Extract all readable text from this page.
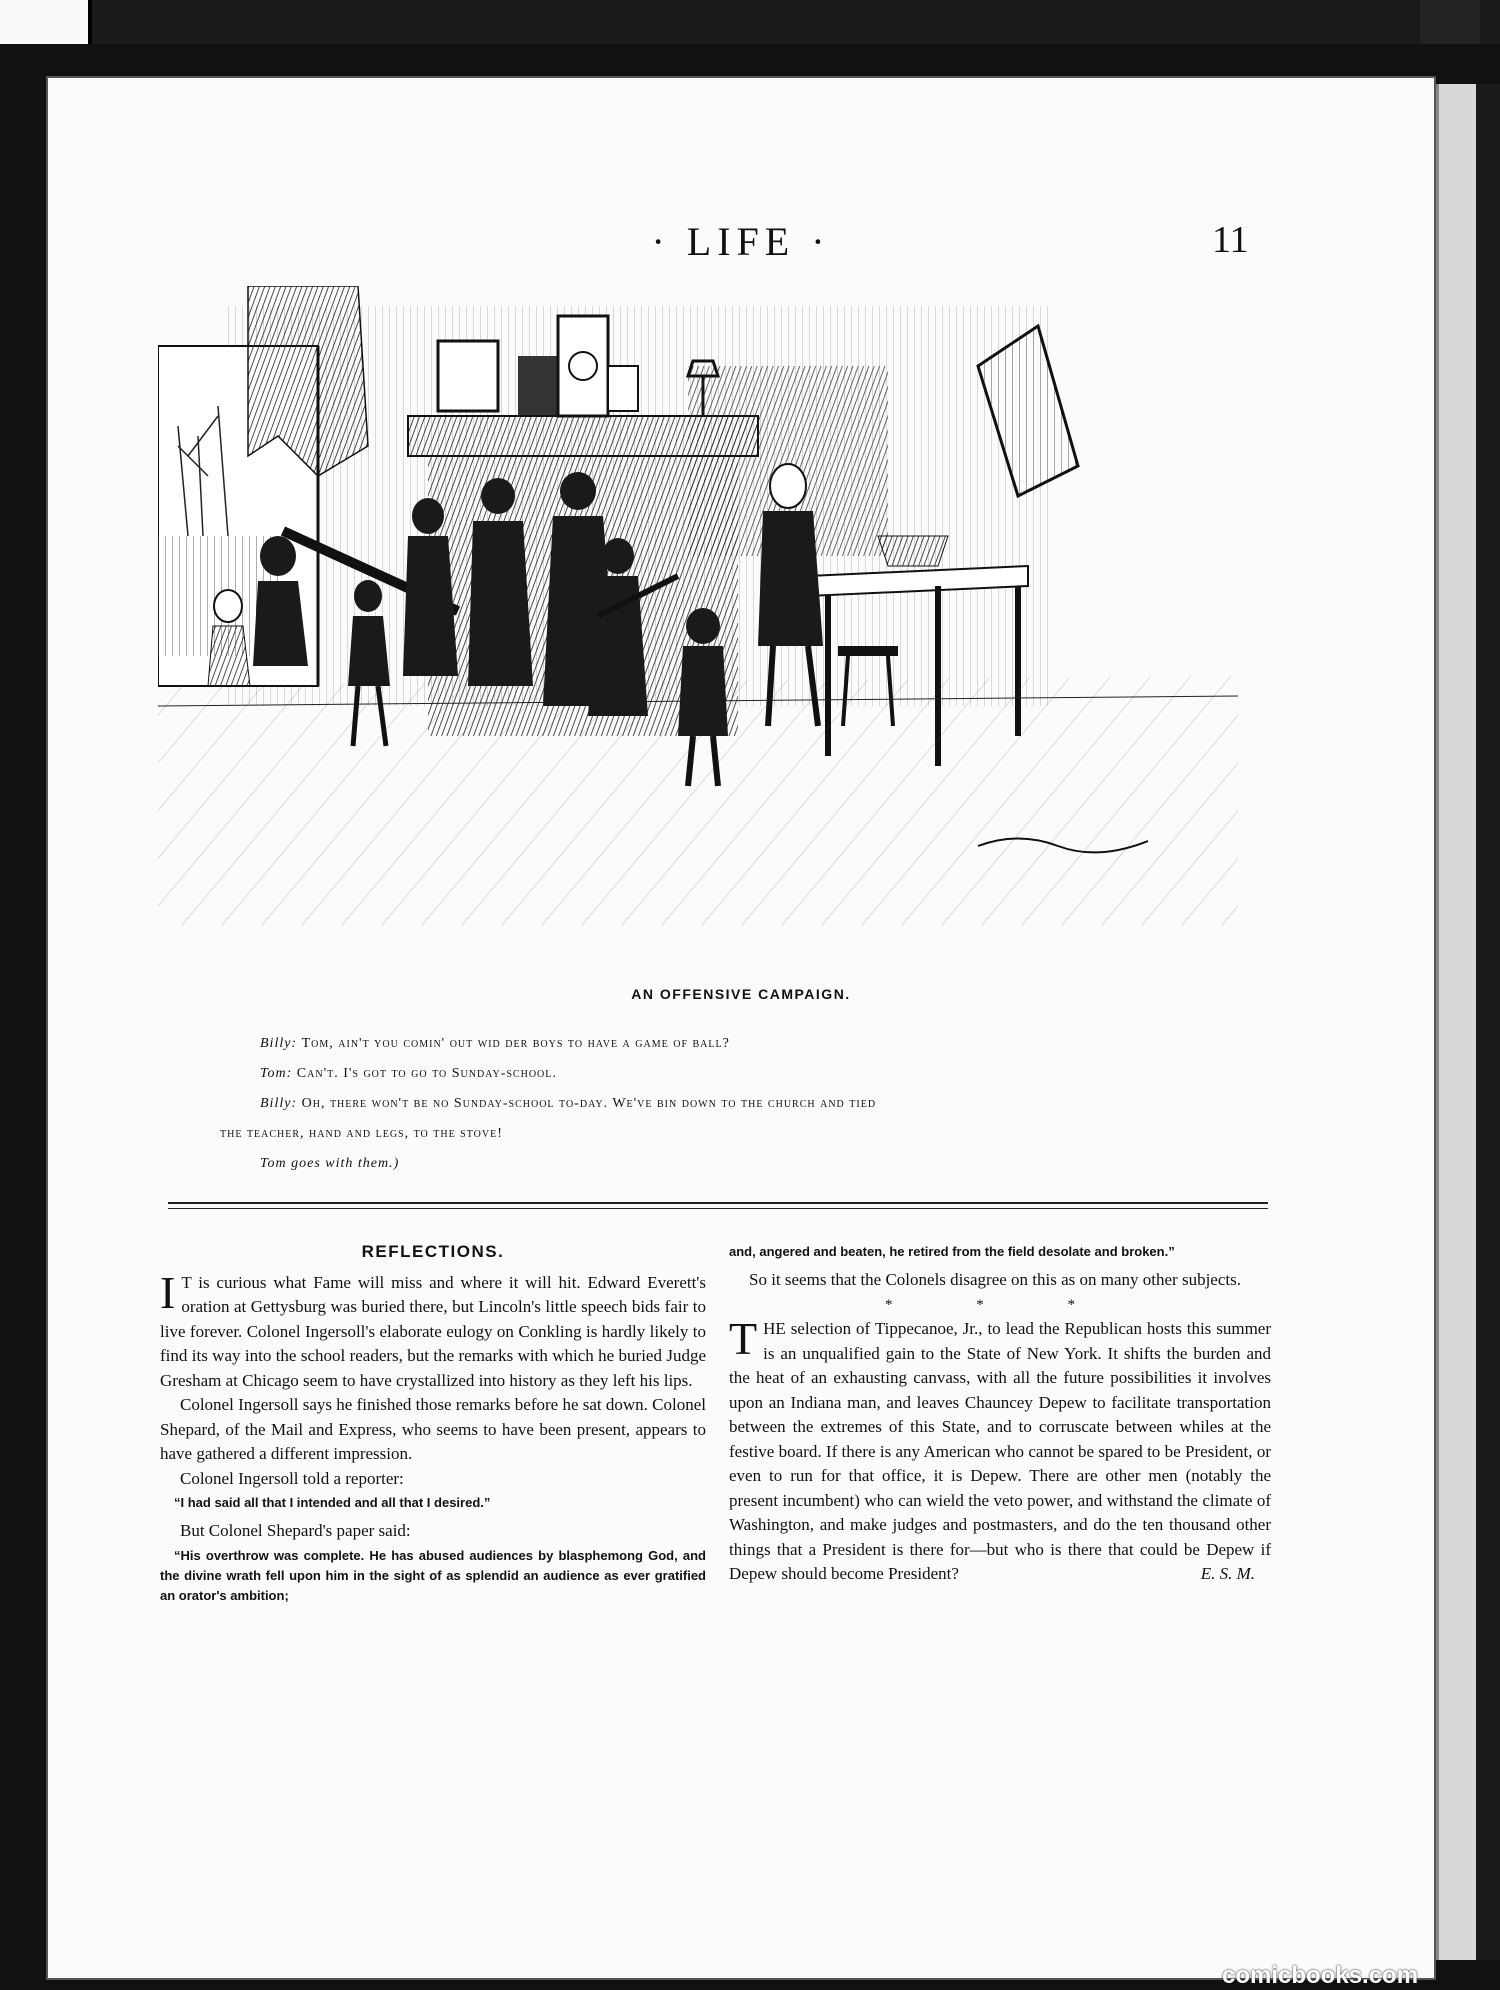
· LIFE ·	11
AN OFFENSIVE CAMPAIGN.
Billy: Tom, ain't you comin' out wid der boys to have a game of ball?
Tom: Can't. I's got to go to Sunday-school.
Billy: Oh, there won't be no Sunday-school to-day. We've bin down to the church and tied
the teacher, hand and legs, to the stove!
Tom goes with them.)

REFLECTIONS.

I T is curious what Fame will miss and where it will hit. Edward Everett's oration at Gettysburg was buried there, but Lincoln's little speech bids fair to live forever. Colonel Ingersoll's elaborate eulogy on Conkling is hardly likely to find its way into the school readers, but the remarks with which he buried Judge Gresham at Chicago seem to have crystallized into history as they left his lips.

Colonel Ingersoll says he finished those remarks before he sat down. Colonel Shepard, of the Mail and Express, who seems to have been present, appears to have gathered a different impression.

Colonel Ingersoll told a reporter:

“I had said all that I intended and all that I desired.”

But Colonel Shepard's paper said:

“His overthrow was complete. He has abused audiences by blasphemong God, and the divine wrath fell upon him in the sight of as splendid an audience as ever gratified an orator's ambition;

and, angered and beaten, he retired from the field desolate and broken.”

So it seems that the Colonels disagree on this as on many other subjects.

* * *

THE selection of Tippecanoe, Jr., to lead the Republican hosts this summer is an unqualified gain to the State of New York. It shifts the burden and the heat of an exhausting canvass, with all the future possibilities it involves upon an Indiana man, and leaves Chauncey Depew to facilitate transportation between the extremes of this State, and to corruscate between whiles at the festive board. If there is any American who cannot be spared to be President, or even to run for that office, it is Depew. There are other men (notably the present incumbent) who can wield the veto power, and withstand the climate of Washington, and make judges and postmasters, and do the ten thousand other things that a President is there for—but who is there that could be Depew if Depew should become President?	E. S. M.

comicbooks.com
